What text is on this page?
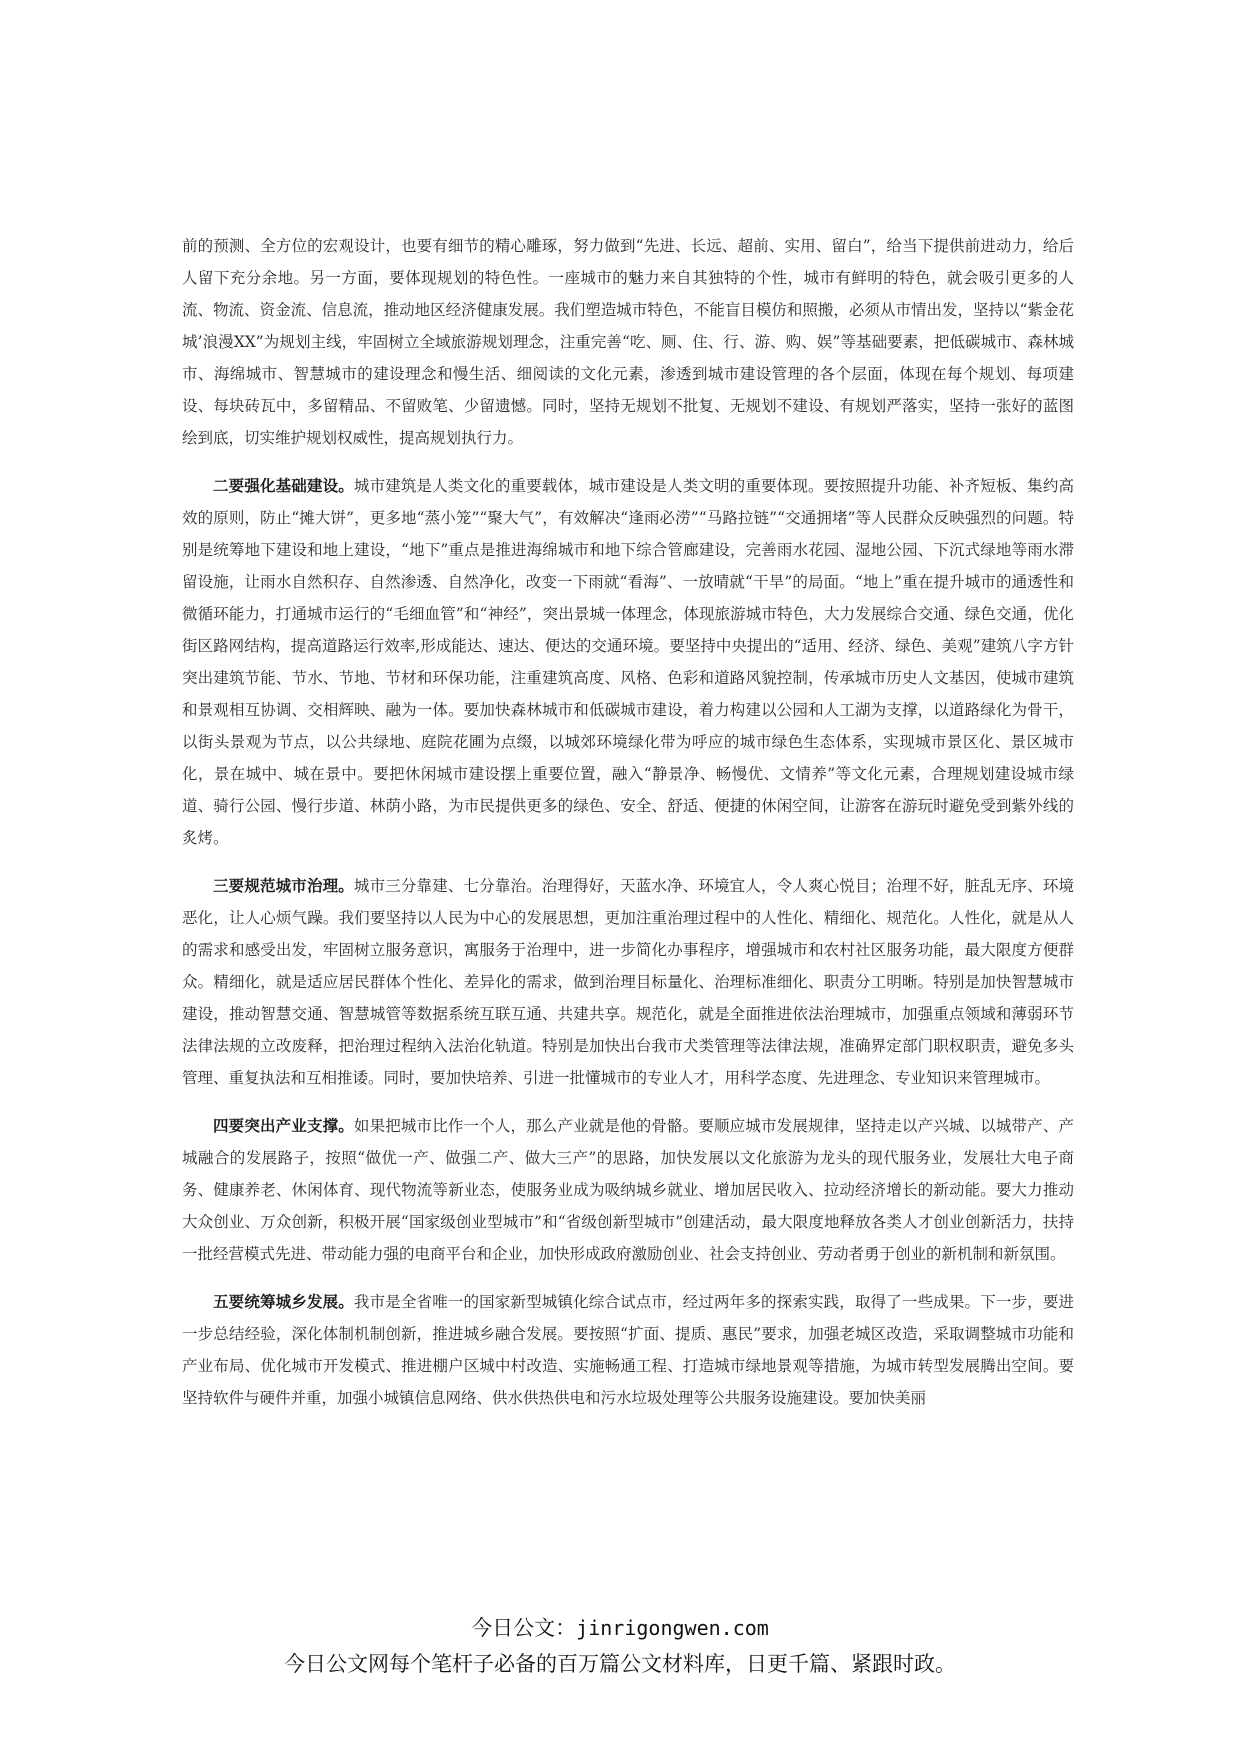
前的预测、全方位的宏观设计，也要有细节的精心雕琢，努力做到“先进、长远、超前、实用、留白”，给当下提供前进动力，给后人留下充分余地。另一方面，要体现规划的特色性。一座城市的魅力来自其独特的个性，城市有鲜明的特色，就会吸引更多的人流、物流、资金流、信息流，推动地区经济健康发展。我们塑造城市特色，不能盲目模仿和照搬，必须从市情出发，坚持以“紫金花城’浪漫XX”为规划主线，牢固树立全域旅游规划理念，注重完善“吃、厕、住、行、游、购、娱”等基础要素，把低碳城市、森林城市、海绵城市、智慧城市的建设理念和慢生活、细阅读的文化元素，渗透到城市建设管理的各个层面，体现在每个规划、每项建设、每块砖瓦中，多留精品、不留败笔、少留遗憾。同时，坚持无规划不批复、无规划不建设、有规划严落实，坚持一张好的蓝图绘到底，切实维护规划权威性，提高规划执行力。

二要强化基础建设。城市建筑是人类文化的重要载体，城市建设是人类文明的重要体现。要按照提升功能、补齐短板、集约高效的原则，防止“摊大饼”，更多地“蒸小笼”“聚大气”，有效解决“逢雨必涝”“马路拉链”“交通拥堵”等人民群众反映强烈的问题。特别是统筹地下建设和地上建设，“地下”重点是推进海绵城市和地下综合管廊建设，完善雨水花园、湿地公园、下沉式绿地等雨水滞留设施，让雨水自然积存、自然渗透、自然净化，改变一下雨就“看海”、一放晴就“干旱”的局面。“地上”重在提升城市的通透性和微循环能力，打通城市运行的“毛细血管”和“神经”，突出景城一体理念，体现旅游城市特色，大力发展综合交通、绿色交通，优化街区路网结构，提高道路运行效率,形成能达、速达、便达的交通环境。要坚持中央提出的“适用、经济、绿色、美观”建筑八字方针突出建筑节能、节水、节地、节材和环保功能，注重建筑高度、风格、色彩和道路风貌控制，传承城市历史人文基因，使城市建筑和景观相互协调、交相辉映、融为一体。要加快森林城市和低碳城市建设，着力构建以公园和人工湖为支撑，以道路绿化为骨干，以街头景观为节点，以公共绿地、庭院花圃为点缀，以城郊环境绿化带为呼应的城市绿色生态体系，实现城市景区化、景区城市化，景在城中、城在景中。要把休闲城市建设摆上重要位置，融入“静景净、畅慢优、文情养”等文化元素，合理规划建设城市绿道、骑行公园、慢行步道、林荫小路，为市民提供更多的绿色、安全、舒适、便捷的休闲空间，让游客在游玩时避免受到紫外线的炙烤。

三要规范城市治理。城市三分靠建、七分靠治。治理得好，天蓝水净、环境宜人，令人爽心悦目；治理不好，脏乱无序、环境恶化，让人心烦气躁。我们要坚持以人民为中心的发展思想，更加注重治理过程中的人性化、精细化、规范化。人性化，就是从人的需求和感受出发，牢固树立服务意识，寓服务于治理中，进一步简化办事程序，增强城市和农村社区服务功能，最大限度方便群众。精细化，就是适应居民群体个性化、差异化的需求，做到治理目标量化、治理标准细化、职责分工明晰。特别是加快智慧城市建设，推动智慧交通、智慧城管等数据系统互联互通、共建共享。规范化，就是全面推进依法治理城市，加强重点领域和薄弱环节法律法规的立改废释，把治理过程纳入法治化轨道。特别是加快出台我市犬类管理等法律法规，准确界定部门职权职责，避免多头管理、重复执法和互相推诿。同时，要加快培养、引进一批懂城市的专业人才，用科学态度、先进理念、专业知识来管理城市。

四要突出产业支撑。如果把城市比作一个人，那么产业就是他的骨骼。要顺应城市发展规律，坚持走以产兴城、以城带产、产城融合的发展路子，按照“做优一产、做强二产、做大三产”的思路，加快发展以文化旅游为龙头的现代服务业，发展壮大电子商务、健康养老、休闲体育、现代物流等新业态，使服务业成为吸纳城乡就业、增加居民收入、拉动经济增长的新动能。要大力推动大众创业、万众创新，积极开展“国家级创业型城市”和“省级创新型城市”创建活动，最大限度地释放各类人才创业创新活力，扶持一批经营模式先进、带动能力强的电商平台和企业，加快形成政府激励创业、社会支持创业、劳动者勇于创业的新机制和新氛围。

五要统筹城乡发展。我市是全省唯一的国家新型城镇化综合试点市，经过两年多的探索实践，取得了一些成果。下一步，要进一步总结经验，深化体制机制创新，推进城乡融合发展。要按照“扩面、提质、惠民”要求，加强老城区改造，采取调整城市功能和产业布局、优化城市开发模式、推进棚户区城中村改造、实施畅通工程、打造城市绿地景观等措施，为城市转型发展腾出空间。要坚持软件与硬件并重，加强小城镇信息网络、供水供热供电和污水垃圾处理等公共服务设施建设。要加快美丽

今日公文：jinrigongwen.com
今日公文网每个笔杆子必备的百万篇公文材料库，日更千篇、紧跟时政。
